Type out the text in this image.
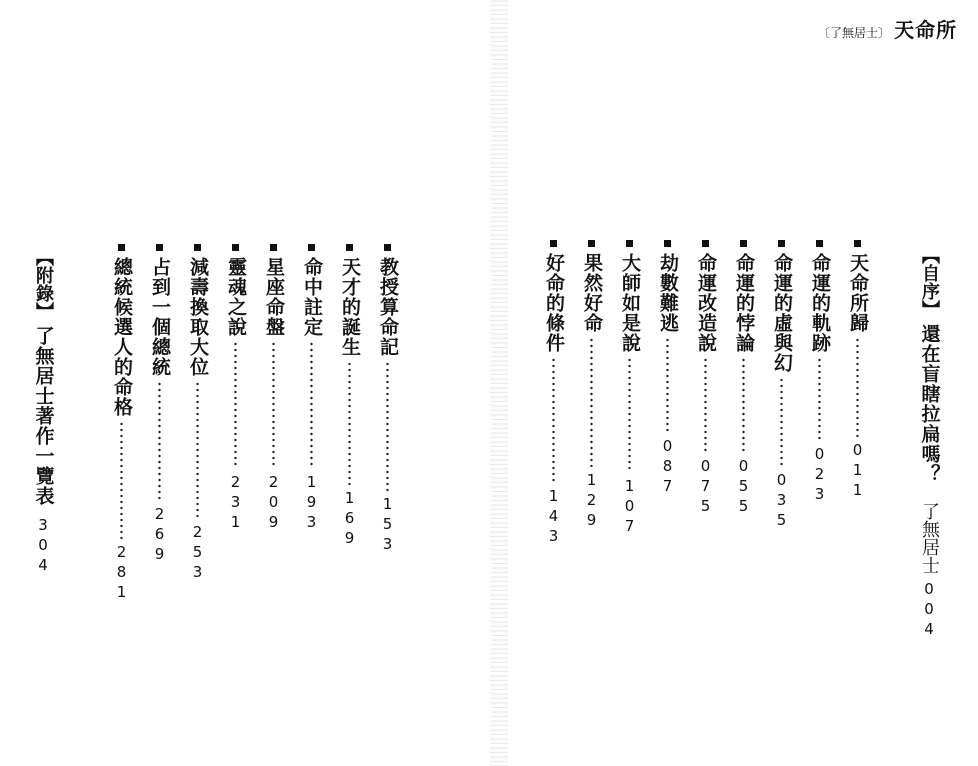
〔了無居士〕 天命所
【自序】
還在盲瞎拉扁嗎？
了無居士
004
天命所歸
011
命運的軌跡
023
命運的虛與幻
035
命運的悖論
055
命運改造說
075
劫數難逃
087
大師如是說
107
果然好命
129
好命的條件
143
教授算命記
153
天才的誕生
169
命中註定
193
星座命盤
209
靈魂之說
231
減壽換取大位
253
占到一個總統
269
總統候選人的命格
281
【附錄】
了無居士著作一覽表
304
